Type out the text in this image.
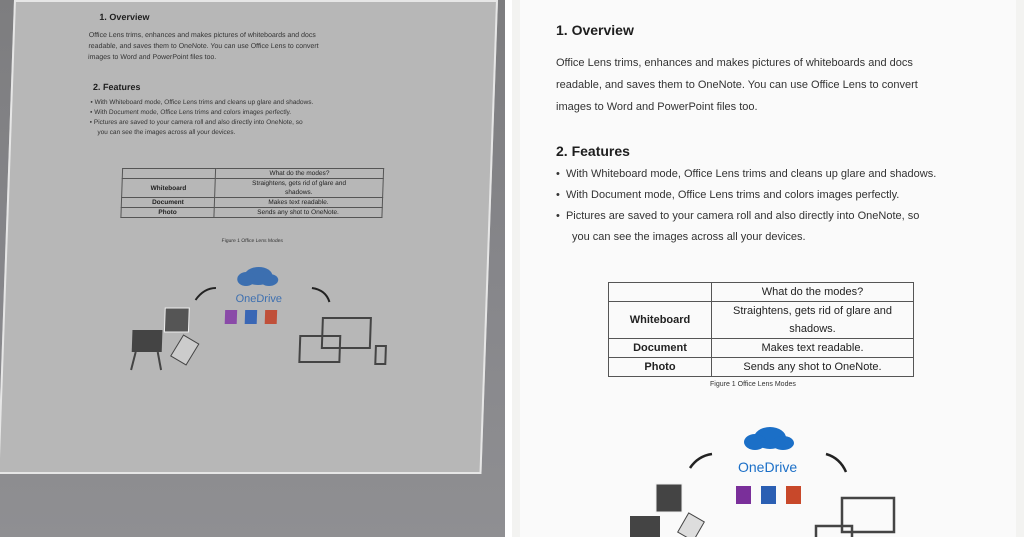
1. Overview
Office Lens trims, enhances and makes pictures of whiteboards and docs
readable, and saves them to OneNote. You can use Office Lens to convert
images to Word and PowerPoint files too.
2. Features
• With Whiteboard mode, Office Lens trims and cleans up glare and shadows.
• With Document mode, Office Lens trims and colors images perfectly.
• Pictures are saved to your camera roll and also directly into OneNote, so
you can see the images across all your devices.
	What do the modes?
Whiteboard	Straightens, gets rid of glare and
shadows.

Document	Makes text readable.
Photo	Sends any shot to OneNote.
Figure 1 Office Lens Modes
OneDrive
1. Overview
Office Lens trims, enhances and makes pictures of whiteboards and docs
readable, and saves them to OneNote. You can use Office Lens to convert
images to Word and PowerPoint files too.
2. Features
•  With Whiteboard mode, Office Lens trims and cleans up glare and shadows.
•  With Document mode, Office Lens trims and colors images perfectly.
•  Pictures are saved to your camera roll and also directly into OneNote, so
you can see the images across all your devices.
	What do the modes?
Whiteboard	Straightens, gets rid of glare and
shadows.

Document	Makes text readable.
Photo	Sends any shot to OneNote.
Figure 1 Office Lens Modes
OneDrive
